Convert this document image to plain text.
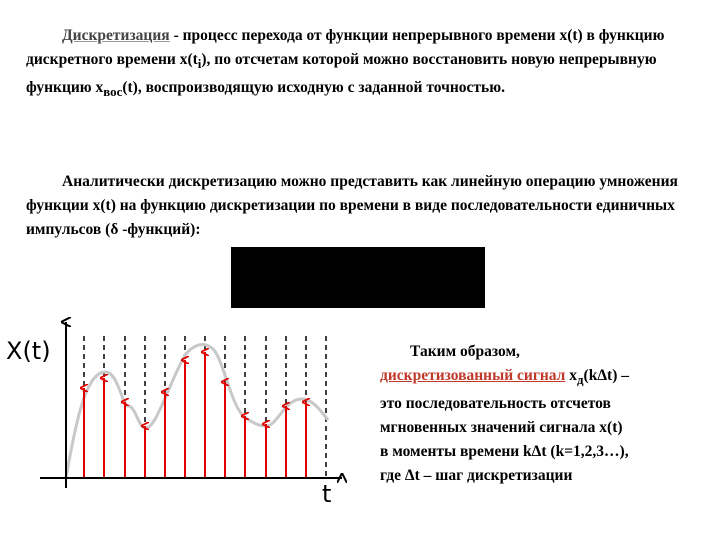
Дискретизация - процесс перехода от функции непрерывного времени x(t) в функцию дискретного времени $x(t_i)$, по отсчетам которой можно восстановить новую непрерывную функцию $x_{вос}(t)$, воспроизводящую исходную с заданной точностью.

Аналитически дискретизацию можно представить как линейную операцию умножения функции x(t) на функцию дискретизации по времени в виде последовательности единичных импульсов (δ -функций):

X(t)
t

Таким образом,
дискретизованный сигнал $x_д(k\Delta t)$ –
это последовательность отсчетов
мгновенных значений сигнала x(t)
в моменты времени kΔt (k=1,2,3…),
где Δt – шаг дискретизации
